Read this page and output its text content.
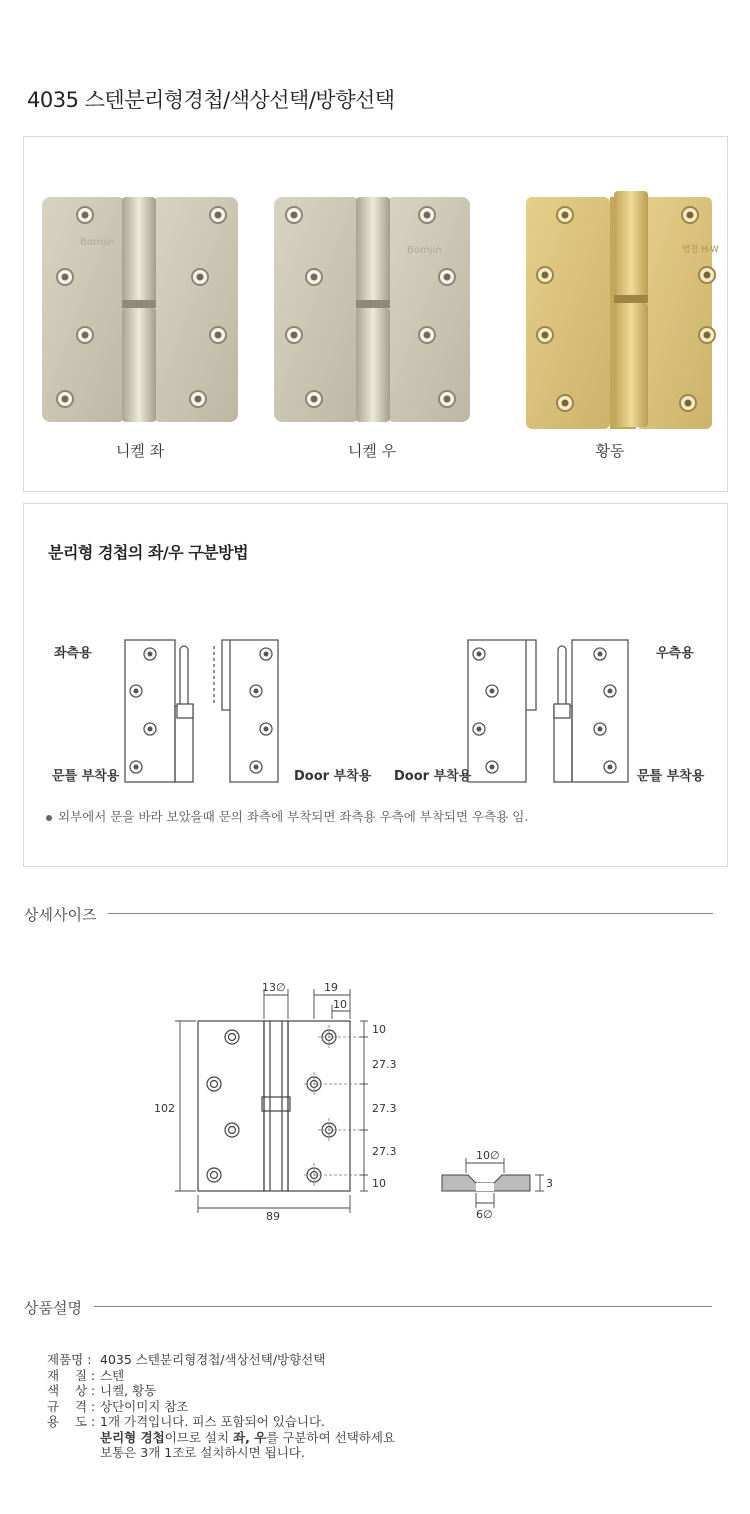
4035 스텐분리형경첩/색상선택/방향선택
Bomjin
니켈 좌
Bomjin
니켈 우
범진 H-W
황동
분리형 경첩의 좌/우 구분방법
좌측용	우측용
문틀 부착용	Door 부착용 Door 부착용	문틀 부착용
외부에서 문을 바라 보았을때 문의 좌측에 부착되면 좌측용 우측에 부착되면 우측용 임.
상세사이즈
102
89
13∅	19
10
10
27.3
27.3
27.3
10
10∅
6∅
3
상품설명
제품명 : 4035 스텐분리형경첩/색상선택/방향선택
재    질 : 스텐
색    상 : 니켈, 황동
규    격 : 상단이미지 참조
용    도 : 1개 가격입니다. 피스 포함되어 있습니다.
분리형 경첩이므로 설치 좌, 우를 구분하여 선택하세요
보통은 3개 1조로 설치하시면 됩니다.
